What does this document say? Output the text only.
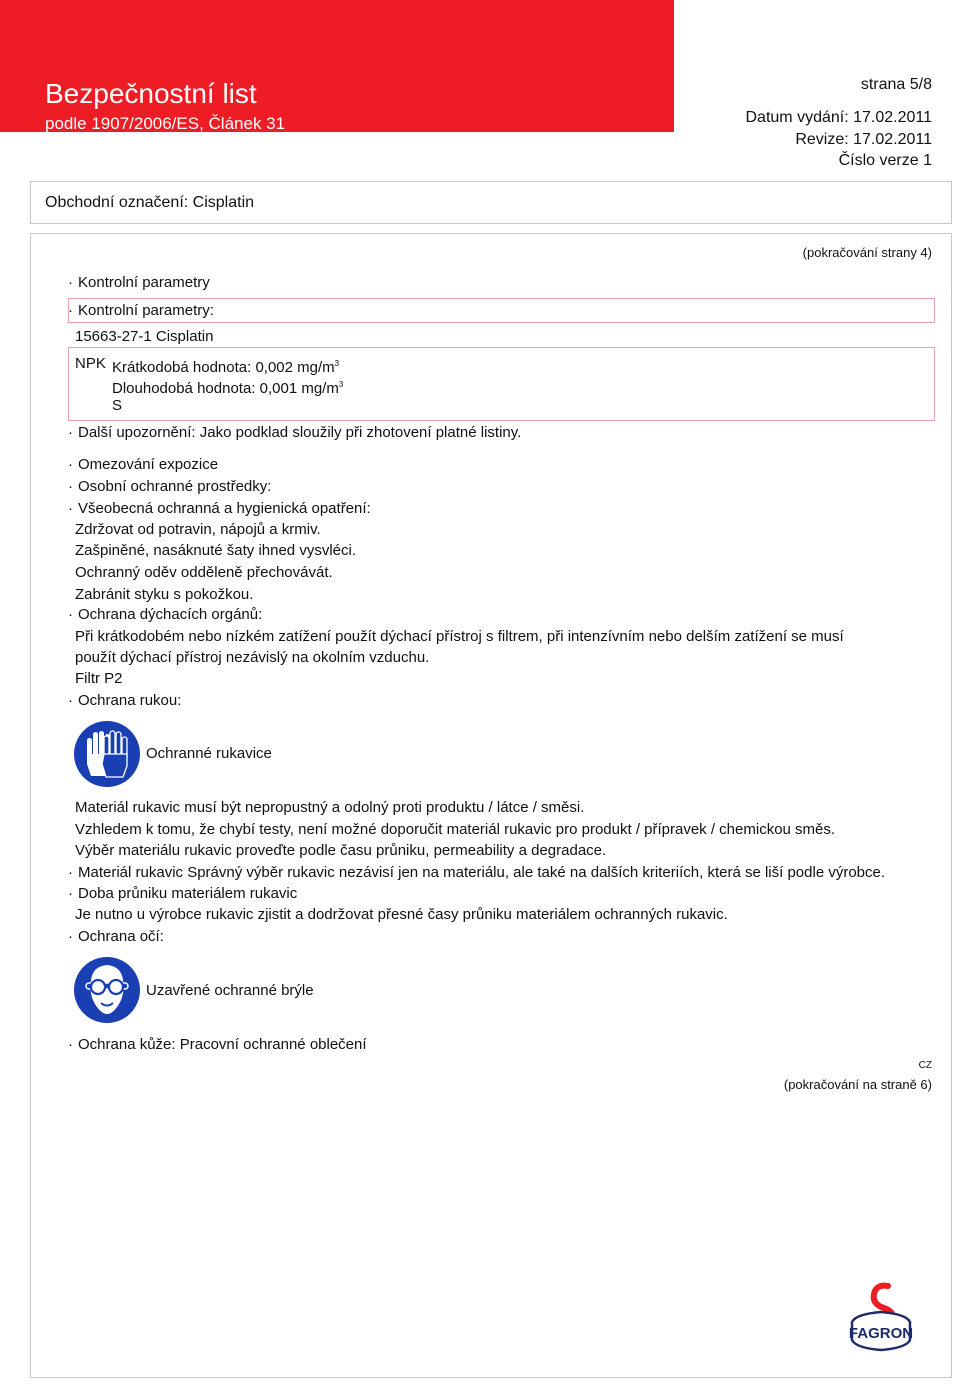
Bezpečnostní list
podle 1907/2006/ES, Článek 31
strana 5/8
Datum vydání: 17.02.2011
Revize: 17.02.2011
Číslo verze 1
Obchodní označení: Cisplatin
(pokračování strany 4)
· Kontrolní parametry
· Kontrolní parametry:
15663-27-1 Cisplatin
NPK Krátkodobá hodnota: 0,002 $mg/m^3$
Dlouhodobá hodnota: 0,001 $mg/m^3$
S
· Další upozornění: Jako podklad sloužily při zhotovení platné listiny.
· Omezování expozice
· Osobní ochranné prostředky:
· Všeobecná ochranná a hygienická opatření:
Zdržovat od potravin, nápojů a krmiv.
Zašpiněné, nasáknuté šaty ihned vysvléci.
Ochranný oděv odděleně přechovávát.
Zabránit styku s pokožkou.
· Ochrana dýchacích orgánů:
Při krátkodobém nebo nízkém zatížení použít dýchací přístroj s filtrem, při intenzívním nebo delším zatížení se musí
použít dýchací přístroj nezávislý na okolním vzduchu.
Filtr P2
· Ochrana rukou:
Ochranné rukavice
Materiál rukavic musí být nepropustný a odolný proti produktu / látce / směsi.
Vzhledem k tomu, že chybí testy, není možné doporučit materiál rukavic pro produkt / přípravek / chemickou směs.
Výběr materiálu rukavic proveďte podle času průniku, permeability a degradace.
· Materiál rukavic Správný výběr rukavic nezávisí jen na materiálu, ale také na dalších kriteriích, která se liší podle výrobce.
· Doba průniku materiálem rukavic
Je nutno u výrobce rukavic zjistit a dodržovat přesné časy průniku materiálem ochranných rukavic.
· Ochrana očí:
Uzavřené ochranné brýle
· Ochrana kůže: Pracovní ochranné oblečení
CZ
(pokračování na straně 6)
FAGRON
